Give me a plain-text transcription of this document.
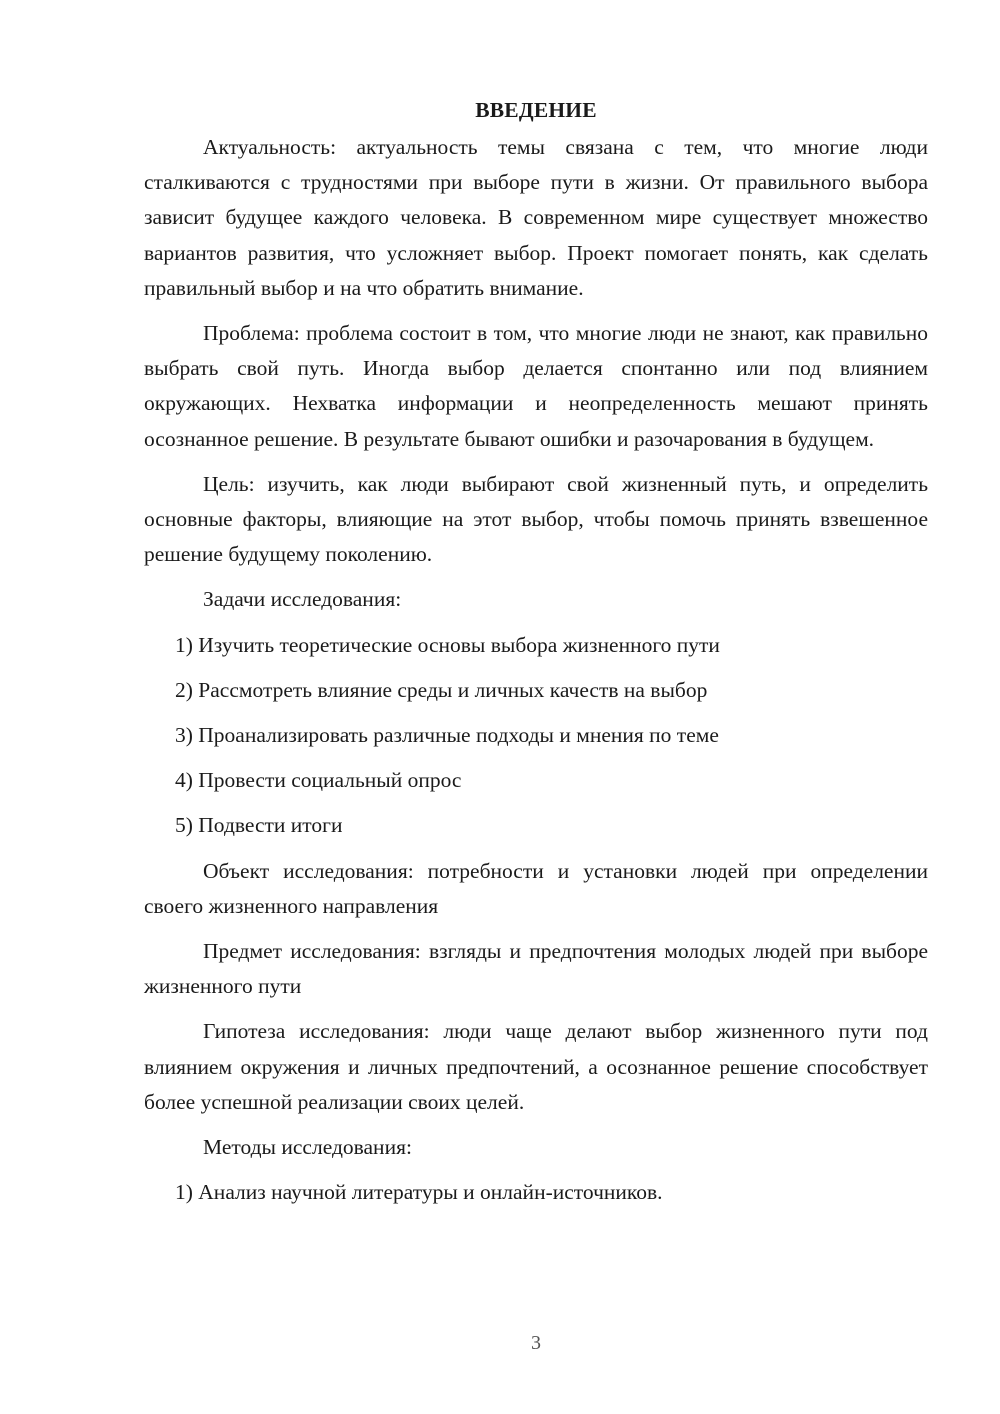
ВВЕДЕНИЕ

Актуальность: актуальность темы связана с тем, что многие люди сталкиваются с трудностями при выборе пути в жизни. От правильного выбора зависит будущее каждого человека. В современном мире существует множество вариантов развития, что усложняет выбор. Проект помогает понять, как сделать правильный выбор и на что обратить внимание.

Проблема: проблема состоит в том, что многие люди не знают, как правильно выбрать свой путь. Иногда выбор делается спонтанно или под влиянием окружающих. Нехватка информации и неопределенность мешают принять осознанное решение. В результате бывают ошибки и разочарования в будущем.

Цель: изучить, как люди выбирают свой жизненный путь, и определить основные факторы, влияющие на этот выбор, чтобы помочь принять взвешенное решение будущему поколению.

Задачи исследования:

1) Изучить теоретические основы выбора жизненного пути
2) Рассмотреть влияние среды и личных качеств на выбор
3) Проанализировать различные подходы и мнения по теме
4) Провести социальный опрос
5) Подвести итоги

Объект исследования: потребности и установки людей при определении своего жизненного направления

Предмет исследования: взгляды и предпочтения молодых людей при выборе жизненного пути

Гипотеза исследования: люди чаще делают выбор жизненного пути под влиянием окружения и личных предпочтений, а осознанное решение способствует более успешной реализации своих целей.

Методы исследования:

1) Анализ научной литературы и онлайн-источников.
3
